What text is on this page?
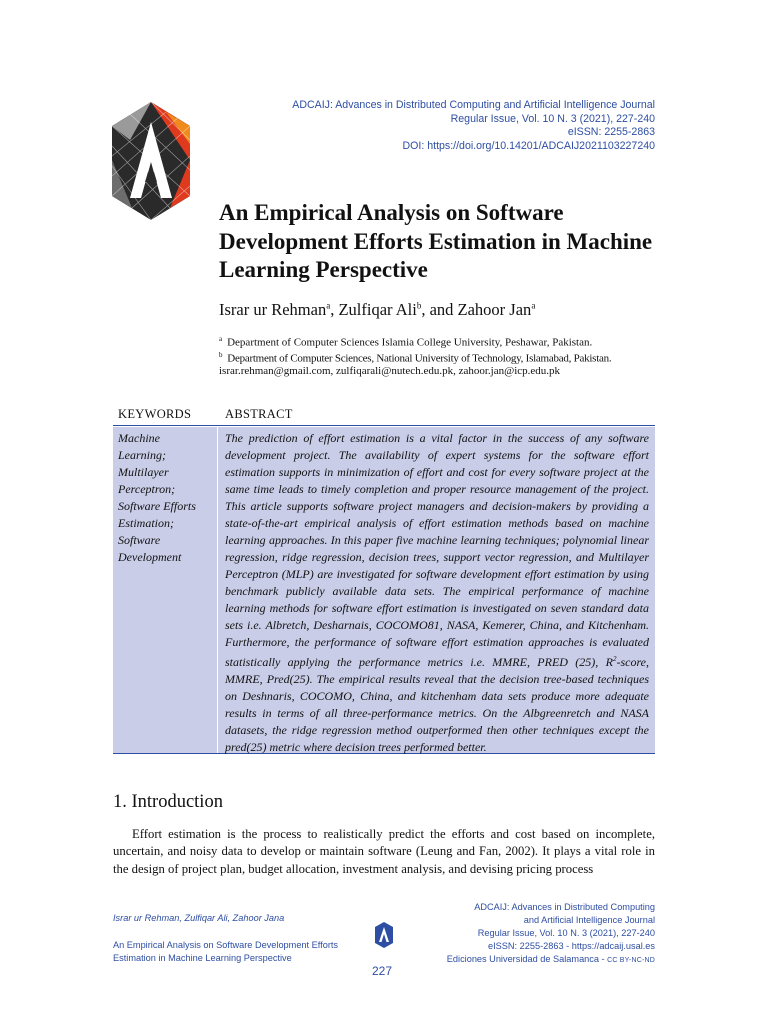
ADCAIJ: Advances in Distributed Computing and Artificial Intelligence Journal
Regular Issue, Vol. 10 N. 3 (2021), 227-240
eISSN: 2255-2863
DOI: https://doi.org/10.14201/ADCAIJ2021103227240
A	An Empirical Analysis on Software Development Efforts Estimation in Machine Learning Perspective
Israr ur Rehman$^a$, Zulfiqar Ali$^b$, and Zahoor Jan$^a$
$^a$ Department of Computer Sciences Islamia College University, Peshawar, Pakistan.
$^b$ Department of Computer Sciences, National University of Technology, Islamabad, Pakistan.
israr.rehman@gmail.com, zulfiqarali@nutech.edu.pk, zahoor.jan@icp.edu.pk
KEYWORDS	ABSTRACT
Machine
Learning;
Multilayer
Perceptron;
Software Efforts
Estimation;
Software
Development
The prediction of effort estimation is a vital factor in the success of any software development project. The availability of expert systems for the software effort estimation supports in minimization of effort and cost for every software project at the same time leads to timely completion and proper resource management of the project. This article supports software project managers and decision-makers by providing a state-of-the-art empirical analysis of effort estimation methods based on machine learning approaches. In this paper five machine learning techniques; polynomial linear regression, ridge regression, decision trees, support vector regression, and Multilayer Perceptron (MLP) are investigated for software development effort estimation by using benchmark publicly available data sets. The empirical performance of machine learning methods for software effort estimation is investigated on seven standard data sets i.e. Albretch, Desharnais, COCOMO81, NASA, Kemerer, China, and Kitchenham. Furthermore, the performance of software effort estimation approaches is evaluated statistically applying the performance metrics i.e. MMRE, PRED (25), $R^2$-score, MMRE, Pred(25). The empirical results reveal that the decision tree-based techniques on Deshnaris, COCOMO, China, and kitchenham data sets produce more adequate results in terms of all three-performance metrics. On the Albgreenretch and NASA datasets, the ridge regression method outperformed then other techniques except the pred(25) metric where decision trees performed better.
1. Introduction
Effort estimation is the process to realistically predict the efforts and cost based on incomplete, uncertain, and noisy data to develop or maintain software (Leung and Fan, 2002). It plays a vital role in the design of project plan, budget allocation, investment analysis, and devising pricing process
Israr ur Rehman, Zulfiqar Ali, Zahoor Jana
An Empirical Analysis on Software Development Efforts
Estimation in Machine Learning Perspective
227
ADCAIJ: Advances in Distributed Computing
and Artificial Intelligence Journal
Regular Issue, Vol. 10 N. 3 (2021), 227-240
eISSN: 2255-2863 - https://adcaij.usal.es
Ediciones Universidad de Salamanca - CC BY-NC-ND
